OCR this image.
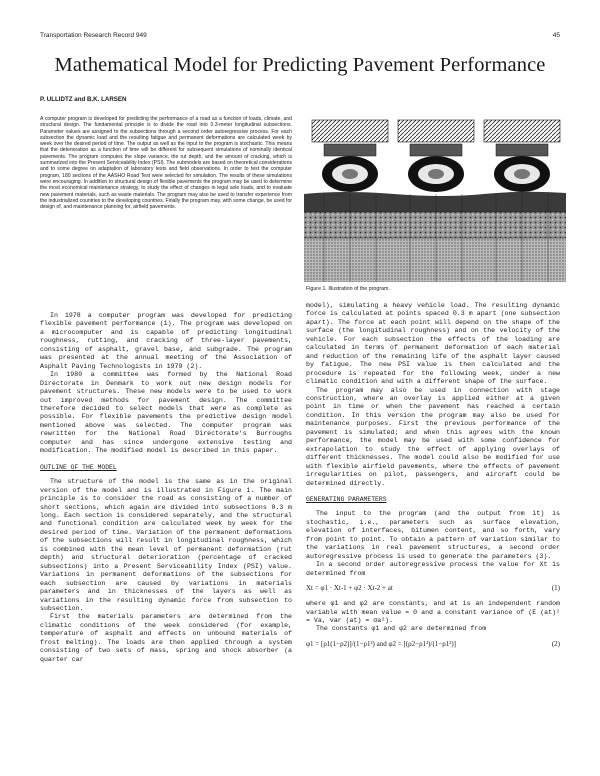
Transportation Research Record 949	45
Mathematical Model for Predicting Pavement Performance
P. ULLIDTZ and B.K. LARSEN
A computer program is developed for predicting the performance of a road as a function of loads, climate, and structural design. The fundamental principle is to divide the road into 0.3-meter longitudinal subsections. Parameter values are assigned to the subsections through a second order autoregressive process. For each subsection the dynamic load and the resulting fatigue and permanent deformations are calculated week by week over the desired period of time. The output as well as the input to the program is stochastic. This means that the deterioration as a function of time will be different for subsequent simulations of nominally identical pavements. The program computes the slope variance, the rut depth, and the amount of cracking, which is summarized into the Present Serviceability Index (PSI). The submodels are based on theoretical considerations and to some degree on adaptation of laboratory tests and field observations. In order to test the computer program, 180 sections of the AASHO Road Test were selected for simulation. The results of these simulations were encouraging. In addition to structural design of flexible pavements the program may be used to determine the most economical maintenance strategy, to study the effect of changes in legal axle loads, and to evaluate new pavement materials, such as waste materials. The program may also be used to transfer experience from the industrialized countries to the developing countries. Finally the program may, with some change, be used for design of, and maintenance planning for, airfield pavements.
Figure 1. Illustration of the program.

In 1978 a computer program was developed for predicting flexible pavement performance (1). The program was developed on a microcomputer and is capable of predicting longitudinal roughness, rutting, and cracking of three-layer pavements, consisting of asphalt, gravel base, and subgrade. The program was presented at the annual meeting of the Association of Asphalt Paving Technologists in 1979 (2).

In 1980 a committee was formed by the National Road Directorate in Denmark to work out new design models for pavement structures. These new models were to be used to work out improved methods for pavement design. The committee therefore decided to select models that were as complete as possible. For flexible pavements the predictive design model mentioned above was selected. The computer program was rewritten for the National Road Directorate's Burroughs computer and has since undergone extensive testing and modification. The modified model is described in this paper.

OUTLINE OF THE MODEL

The structure of the model is the same as in the original version of the model and is illustrated in Figure 1. The main principle is to consider the road as consisting of a number of short sections, which again are divided into subsections 0.3 m long. Each section is considered separately, and the structural and functional condition are calculated week by week for the desired period of time. Variation of the permanent deformations of the subsections will result in longitudinal roughness, which is combined with the mean level of permanent deformation (rut depth) and structural deterioration (percentage of cracked subsections) into a Present Serviceability Index (PSI) value. Variations in permanent deformations of the subsections for each subsection are caused by variations in materials parameters and in thicknesses of the layers as well as variations in the resulting dynamic force from subsection to subsection.

First the materials parameters are determined from the climatic conditions of the week considered (for example, temperature of asphalt and effects on unbound materials of frost melting). The loads are then applied through a system consisting of two sets of mass, spring and shock absorber (a quarter car

model), simulating a heavy vehicle load. The resulting dynamic force is calculated at points spaced 0.3 m apart (one subsection apart). The force at each point will depend on the shape of the surface (the longitudinal roughness) and on the velocity of the vehicle. For each subsection the effects of the loading are calculated in terms of permanent deformation of each material and reduction of the remaining life of the asphalt layer caused by fatigue. The new PSI value is then calculated and the procedure is repeated for the following week, under a new climatic condition and with a different shape of the surface.

The program may also be used in connection with stage construction, where an overlay is applied either at a given point in time or when the pavement has reached a certain condition. In this version the program may also be used for maintenance purposes. First the previous performance of the pavement is simulated; and when this agrees with the known performance, the model may be used with some confidence for extrapolation to study the effect of applying overlays of different thicknesses. The model could also be modified for use with flexible airfield pavements, where the effects of pavement irregularities on pilot, passengers, and aircraft could be determined directly.

GENERATING PARAMETERS

The input to the program (and the output from it) is stochastic, i.e., parameters such as surface elevation, elevation of interfaces, bitumen content, and so forth, vary from point to point. To obtain a pattern of variation similar to the variations in real pavement structures, a second order autoregressive process is used to generate the parameters (3).

In a second order autoregressive process the value for Xt is determined from

Xt = φ1 · Xt-1 + φ2 · Xt-2 + at	(1)

where φ1 and φ2 are constants, and at is an independent random variable with mean value = 0 and a constant variance of (E (at)² = Va, var (at) = σa²).

The constants φ1 and φ2 are determined from

φ1 = [ρ1(1−ρ2)]/(1−ρ1²) and φ2 = [(ρ2−ρ1²)/(1−ρ1²)]	(2)
